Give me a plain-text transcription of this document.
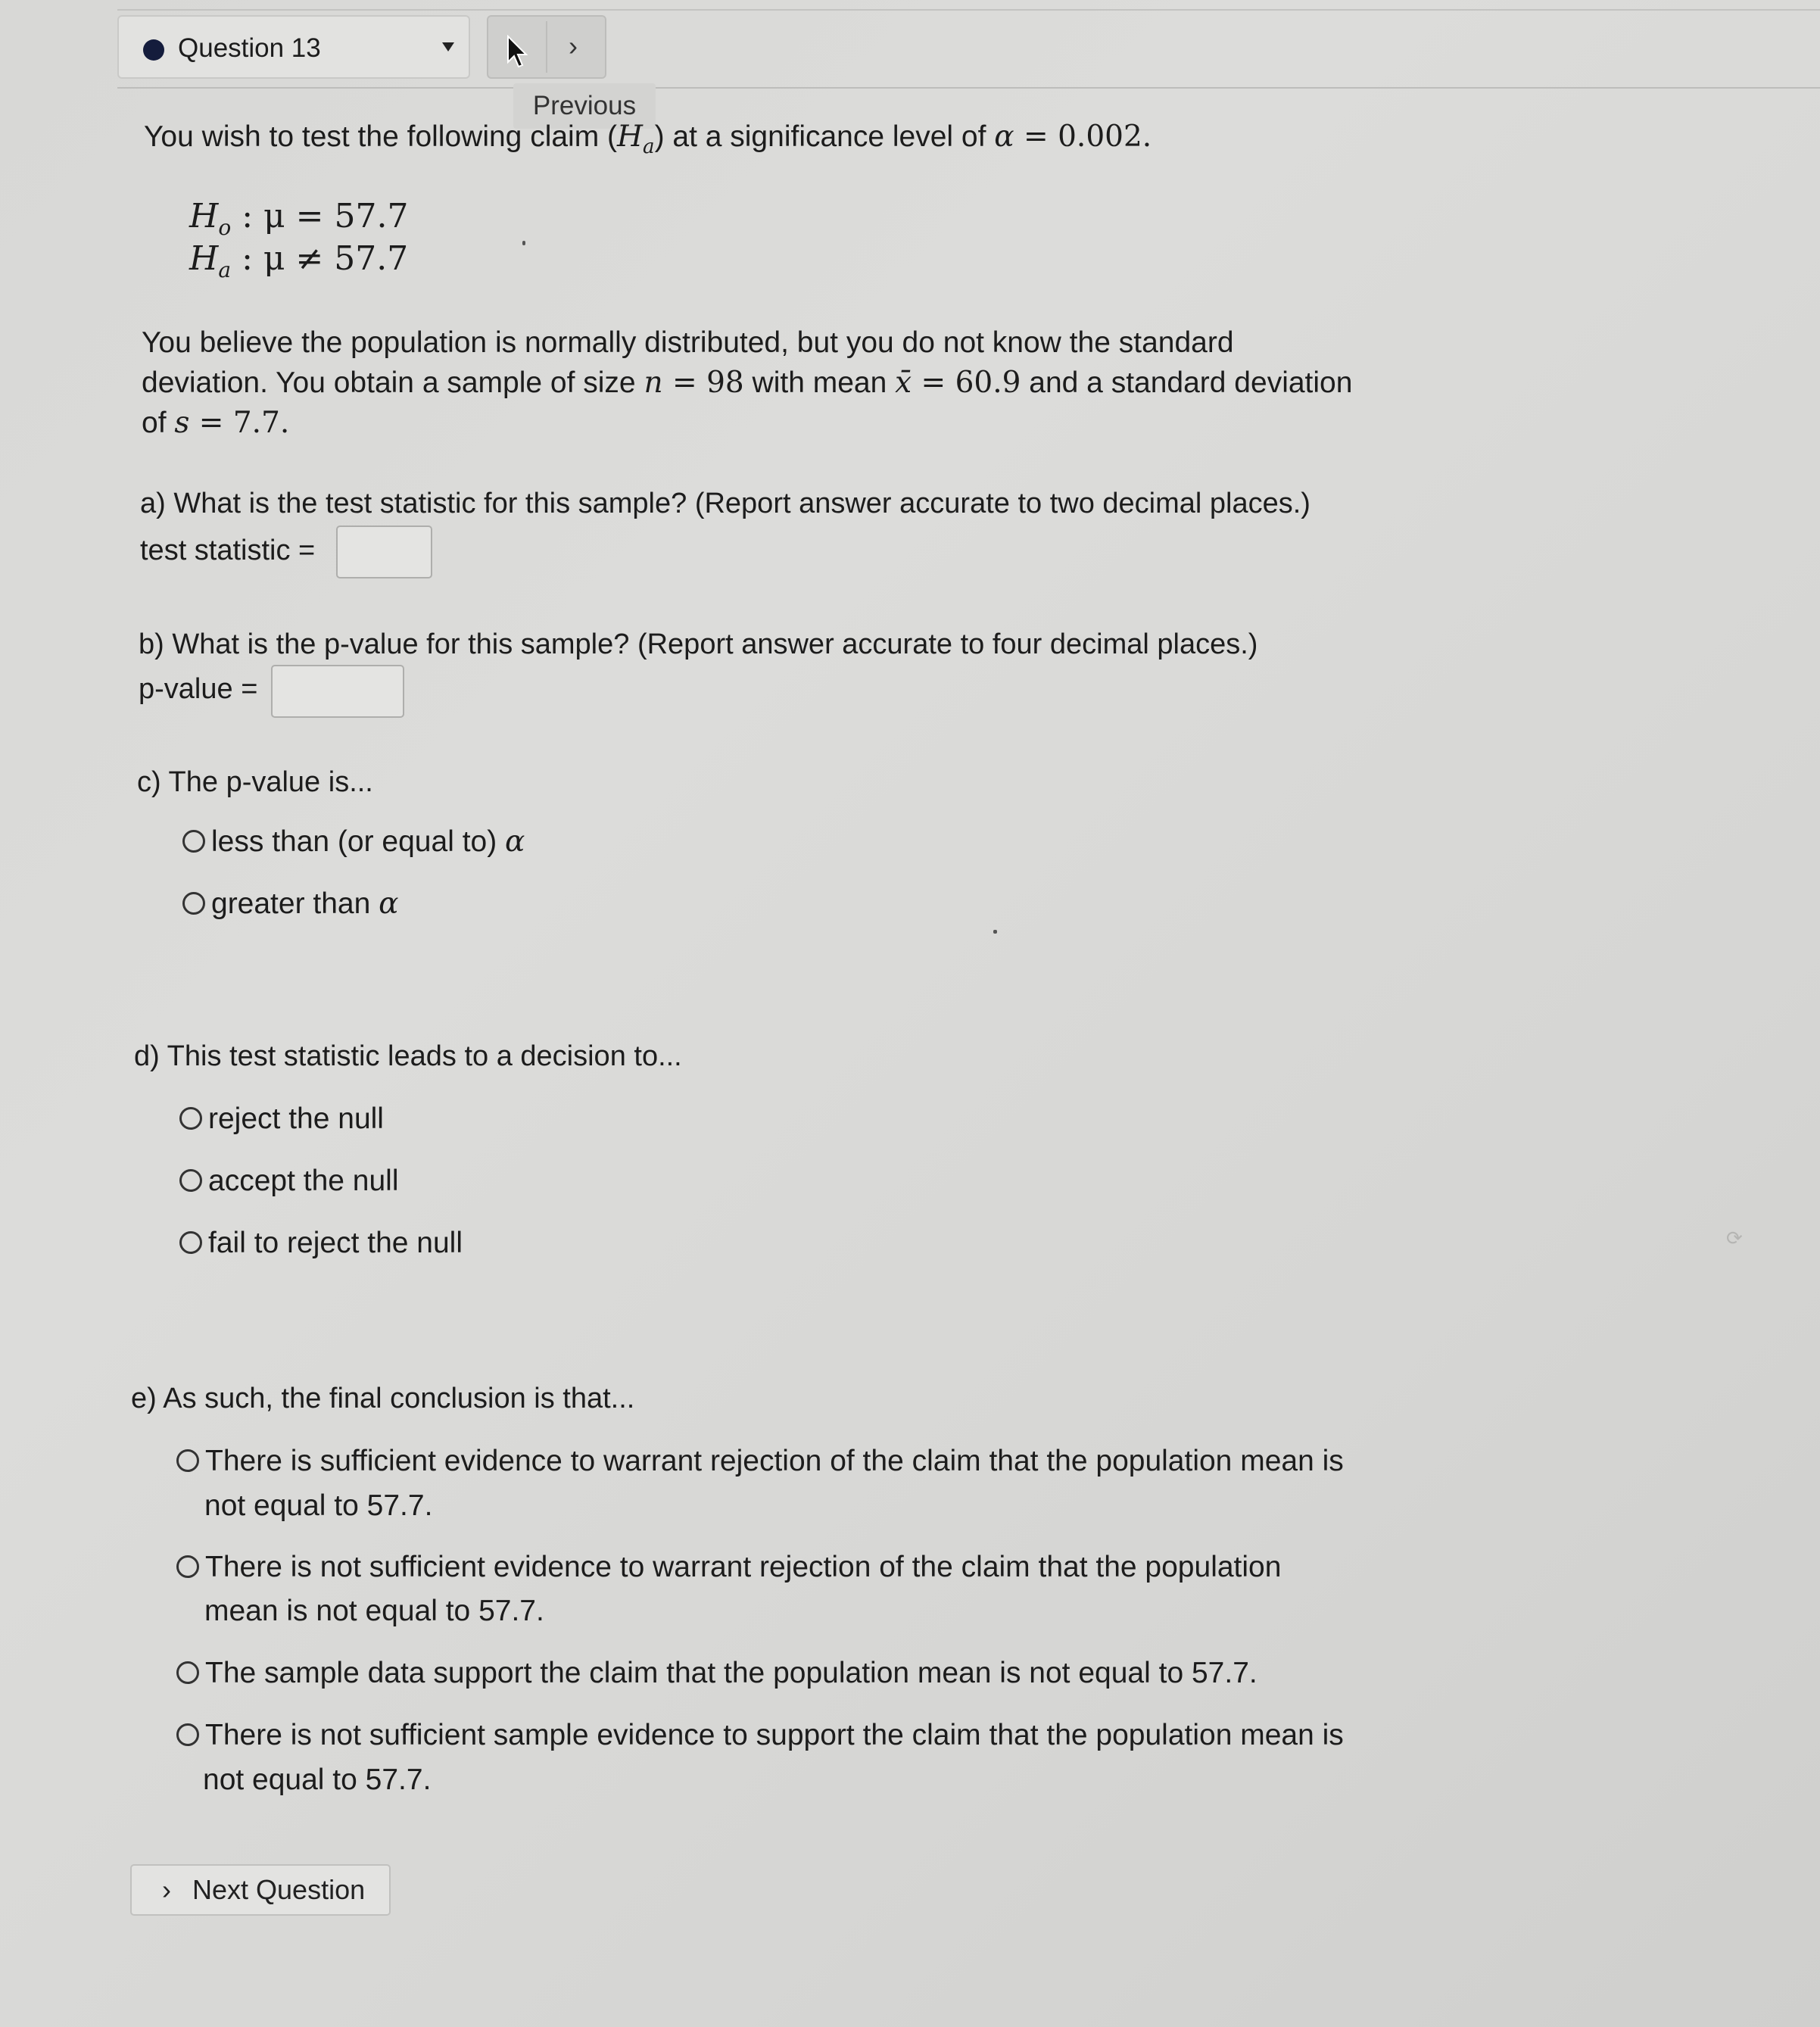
Question 13	›
Previous
You wish to test the following claim $(H_a)$ at a significance level of α = 0.002.
$H_o$ : μ = 57.7
$H_a$ : μ ≠ 57.7
You believe the population is normally distributed, but you do not know the standard
deviation. You obtain a sample of size n = 98 with mean x̄ = 60.9 and a standard deviation
of s = 7.7.
a) What is the test statistic for this sample? (Report answer accurate to two decimal places.)
test statistic =
b) What is the p-value for this sample? (Report answer accurate to four decimal places.)
p-value =
c) The p-value is...
less than (or equal to) α
greater than α
d) This test statistic leads to a decision to...
reject the null
accept the null
fail to reject the null
e) As such, the final conclusion is that...
There is sufficient evidence to warrant rejection of the claim that the population mean is
not equal to 57.7.
There is not sufficient evidence to warrant rejection of the claim that the population
mean is not equal to 57.7.
The sample data support the claim that the population mean is not equal to 57.7.
There is not sufficient sample evidence to support the claim that the population mean is
not equal to 57.7.
› Next Question
⟳
